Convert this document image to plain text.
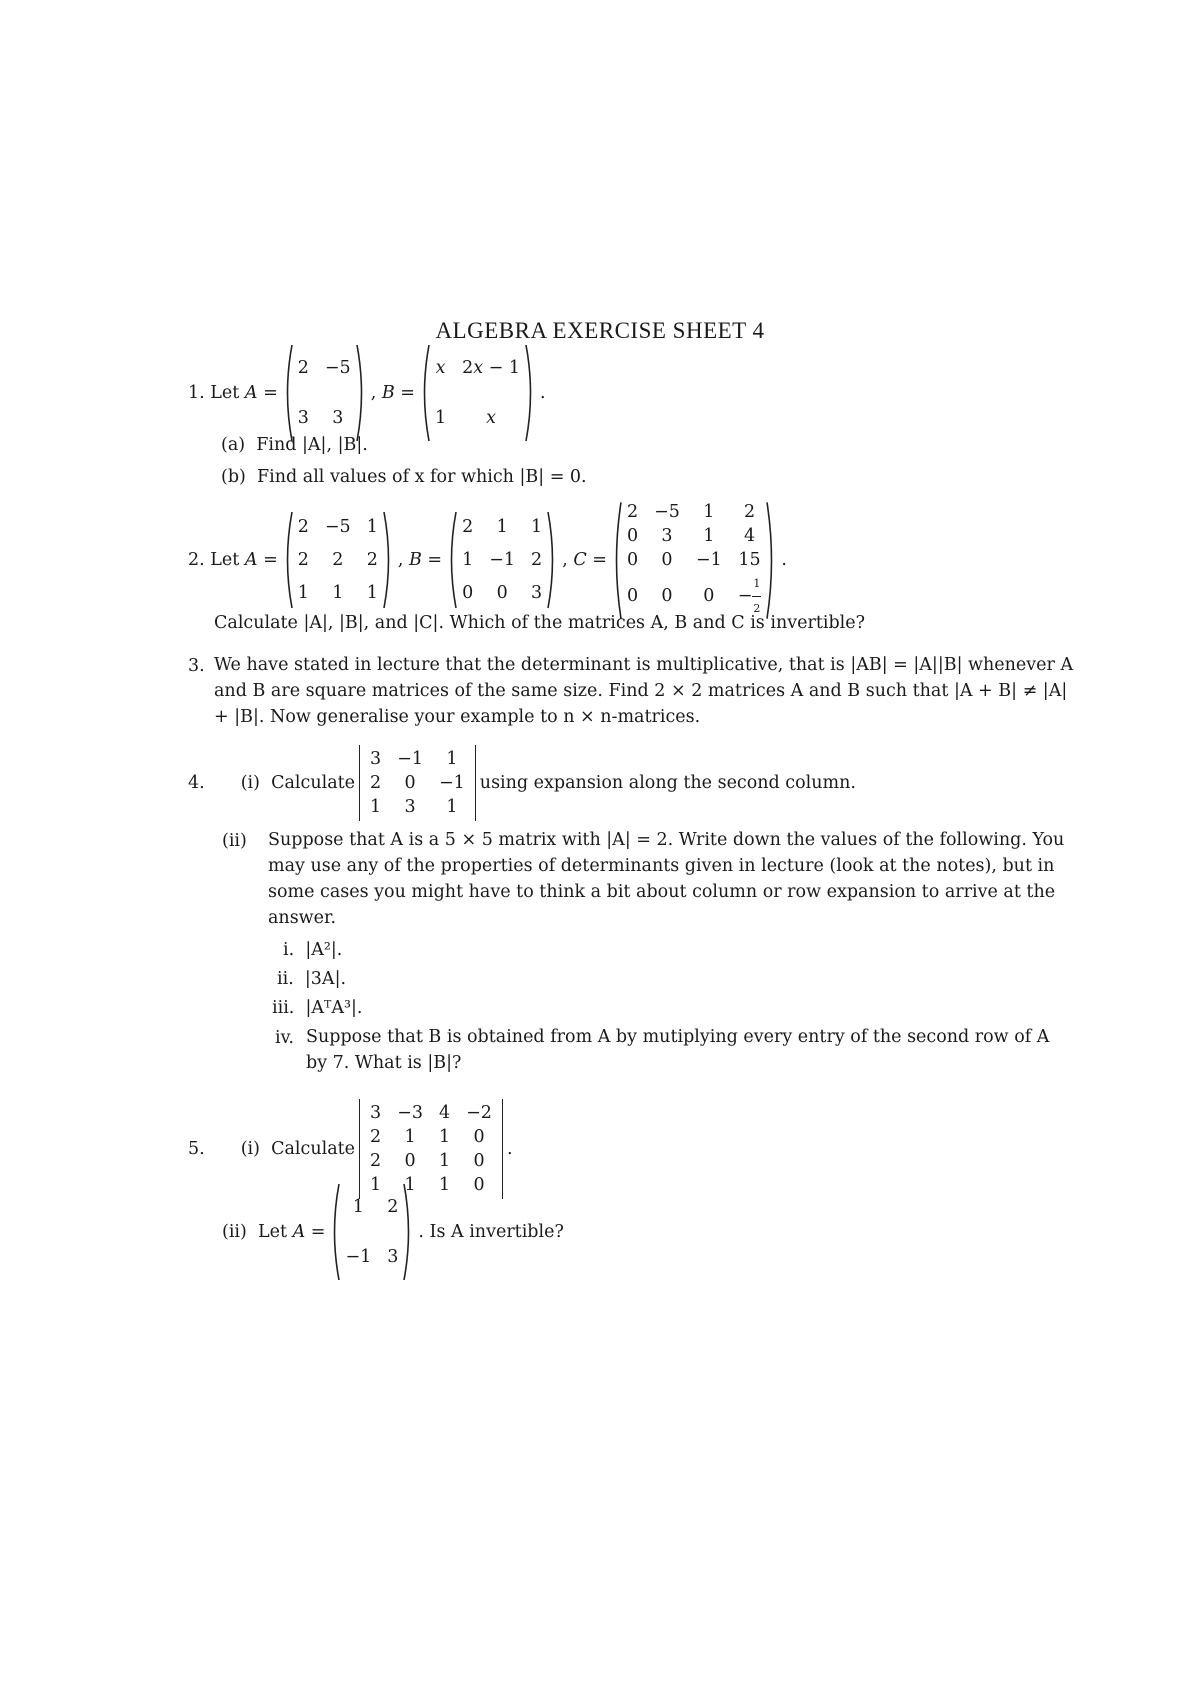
ALGEBRA EXERCISE SHEET 4
1.
Let
A =
2 −5
3 3
, B =
x 2x − 1
1 x
.
(a) Find |A|, |B|.
(b) Find all values of x for which |B| = 0.
2.
Let
A =
2 −5 1
2 2 2
1 1 1
, B =
2 1 1
1 −1 2
0 0 3
, C =
2 −5 1 2
0 3 1 4
0 0 −1 15
0 0 $0 - \frac{1}{2}$
.
Calculate |A|, |B|, and |C|. Which of the matrices A, B and C is invertible?
3. We have stated in lecture that the determinant is multiplicative, that is |AB| = |A||B| whenever A and B are square matrices of the same size. Find 2 × 2 matrices A and B such that |A + B| ≠ |A| + |B|. Now generalise your example to n × n-matrices.
4. (i)
Calculate
3 −1 1
2 0 −1
1 3 1
using expansion along the second column.
(ii) Suppose that A is a 5 × 5 matrix with |A| = 2. Write down the values of the following. You may use any of the properties of determinants given in lecture (look at the notes), but in some cases you might have to think a bit about column or row expansion to arrive at the answer.
i. |A²|.
ii. |3A|.
iii. |AᵀA³|.
iv. Suppose that B is obtained from A by mutiplying every entry of the second row of A by 7. What is |B|?
5. (i)
Calculate
3 −3 4 −2
2 1 1 0
2 0 1 0
1 1 1 0
.
(ii)
Let
A =
1 2
−1 3
. Is A invertible?
